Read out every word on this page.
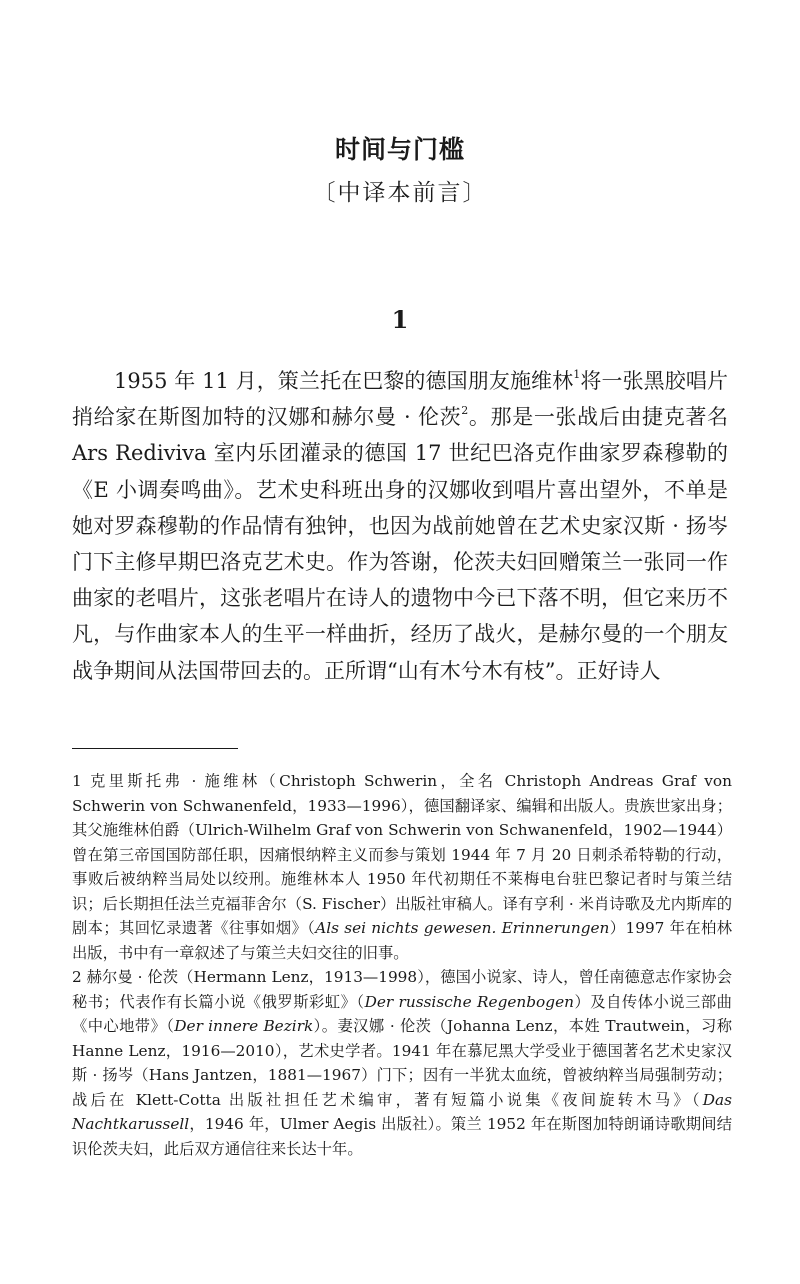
时间与门槛
〔中译本前言〕
1
1955 年 11 月，策兰托在巴黎的德国朋友施维林$^1$将一张黑胶唱片捎给家在斯图加特的汉娜和赫尔曼 · 伦茨$^2$。那是一张战后由捷克著名 Ars Rediviva 室内乐团灌录的德国 17 世纪巴洛克作曲家罗森穆勒的《E 小调奏鸣曲》。艺术史科班出身的汉娜收到唱片喜出望外，不单是她对罗森穆勒的作品情有独钟，也因为战前她曾在艺术史家汉斯 · 扬岑门下主修早期巴洛克艺术史。作为答谢，伦茨夫妇回赠策兰一张同一作曲家的老唱片，这张老唱片在诗人的遗物中今已下落不明，但它来历不凡，与作曲家本人的生平一样曲折，经历了战火，是赫尔曼的一个朋友战争期间从法国带回去的。正所谓“山有木兮木有枝”。正好诗人

1 克里斯托弗 · 施维林（Christoph Schwerin，全名 Christoph Andreas Graf von Schwerin von Schwanenfeld，1933—1996），德国翻译家、编辑和出版人。贵族世家出身；其父施维林伯爵（Ulrich-Wilhelm Graf von Schwerin von Schwanenfeld，1902—1944）曾在第三帝国国防部任职，因痛恨纳粹主义而参与策划 1944 年 7 月 20 日刺杀希特勒的行动，事败后被纳粹当局处以绞刑。施维林本人 1950 年代初期任不莱梅电台驻巴黎记者时与策兰结识；后长期担任法兰克福菲舍尔（S. Fischer）出版社审稿人。译有亨利 · 米肖诗歌及尤内斯库的剧本；其回忆录遗著《往事如烟》（Als sei nichts gewesen. Erinnerungen）1997 年在柏林出版，书中有一章叙述了与策兰夫妇交往的旧事。

2 赫尔曼 · 伦茨（Hermann Lenz，1913—1998），德国小说家、诗人，曾任南德意志作家协会秘书；代表作有长篇小说《俄罗斯彩虹》（Der russische Regenbogen）及自传体小说三部曲《中心地带》（Der innere Bezirk）。妻汉娜 · 伦茨（Johanna Lenz，本姓 Trautwein，习称 Hanne Lenz，1916—2010），艺术史学者。1941 年在慕尼黑大学受业于德国著名艺术史家汉斯 · 扬岑（Hans Jantzen，1881—1967）门下；因有一半犹太血统，曾被纳粹当局强制劳动；战后在 Klett-Cotta 出版社担任艺术编审，著有短篇小说集《夜间旋转木马》（Das Nachtkarussell，1946 年，Ulmer Aegis 出版社）。策兰 1952 年在斯图加特朗诵诗歌期间结识伦茨夫妇，此后双方通信往来长达十年。
